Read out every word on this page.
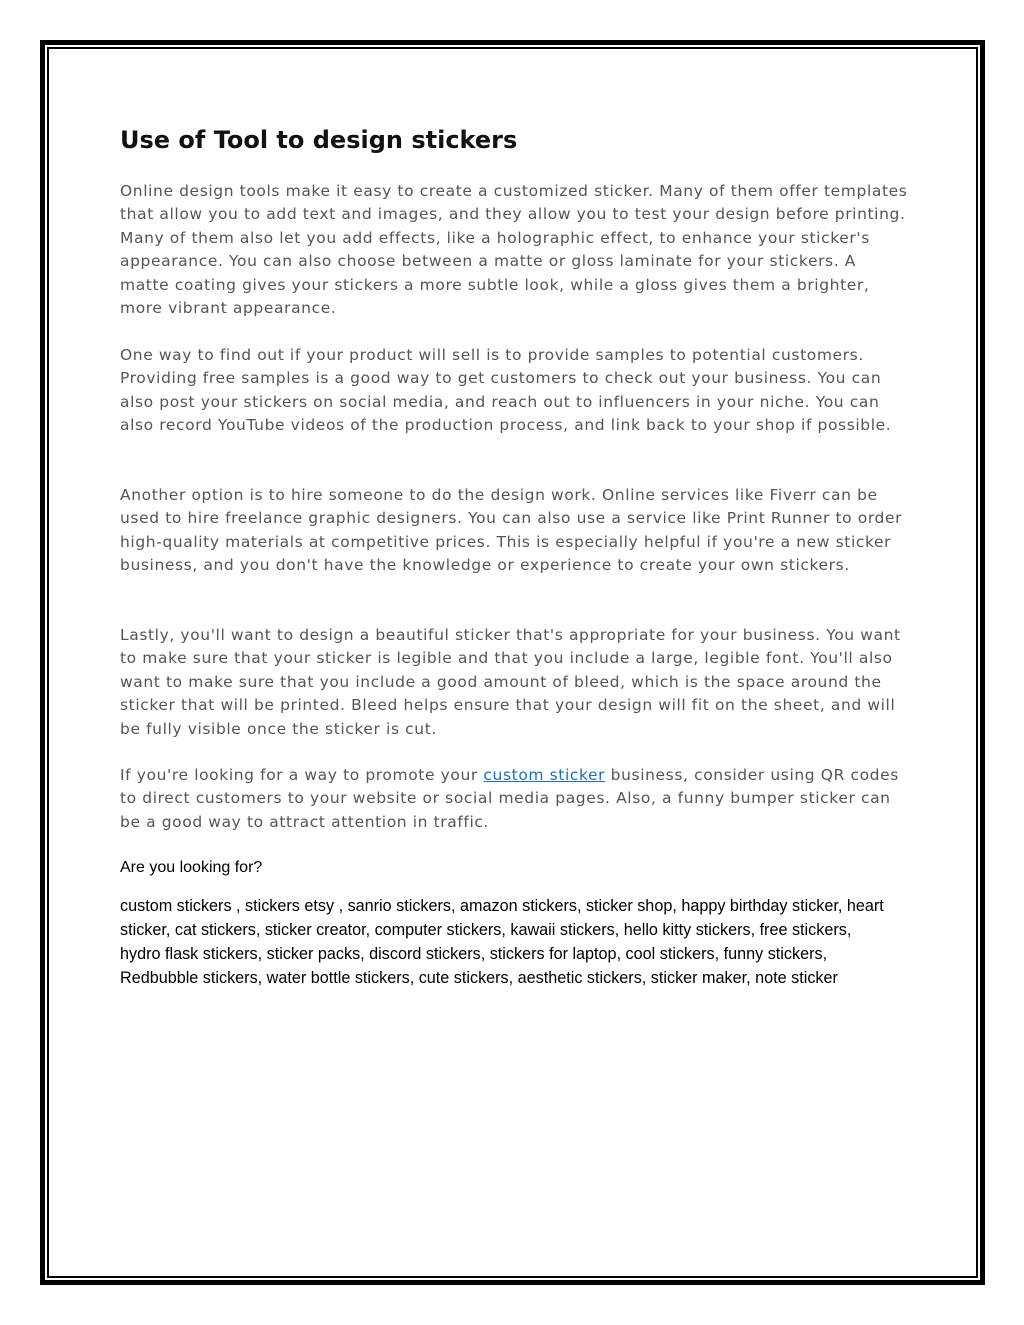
Use of Tool to design stickers

Online design tools make it easy to create a customized sticker. Many of them offer templates that allow you to add text and images, and they allow you to test your design before printing. Many of them also let you add effects, like a holographic effect, to enhance your sticker's appearance. You can also choose between a matte or gloss laminate for your stickers. A matte coating gives your stickers a more subtle look, while a gloss gives them a brighter, more vibrant appearance.

One way to find out if your product will sell is to provide samples to potential customers. Providing free samples is a good way to get customers to check out your business. You can also post your stickers on social media, and reach out to influencers in your niche. You can also record YouTube videos of the production process, and link back to your shop if possible.

Another option is to hire someone to do the design work. Online services like Fiverr can be used to hire freelance graphic designers. You can also use a service like Print Runner to order high-quality materials at competitive prices. This is especially helpful if you're a new sticker business, and you don't have the knowledge or experience to create your own stickers.

Lastly, you'll want to design a beautiful sticker that's appropriate for your business. You want to make sure that your sticker is legible and that you include a large, legible font. You'll also want to make sure that you include a good amount of bleed, which is the space around the sticker that will be printed. Bleed helps ensure that your design will fit on the sheet, and will be fully visible once the sticker is cut.

If you're looking for a way to promote your custom sticker business, consider using QR codes to direct customers to your website or social media pages. Also, a funny bumper sticker can be a good way to attract attention in traffic.

Are you looking for?

custom stickers , stickers etsy , sanrio stickers, amazon stickers, sticker shop, happy birthday sticker, heart sticker, cat stickers, sticker creator, computer stickers, kawaii stickers, hello kitty stickers, free stickers, hydro flask stickers, sticker packs, discord stickers, stickers for laptop, cool stickers, funny stickers, Redbubble stickers, water bottle stickers, cute stickers, aesthetic stickers, sticker maker, note sticker
